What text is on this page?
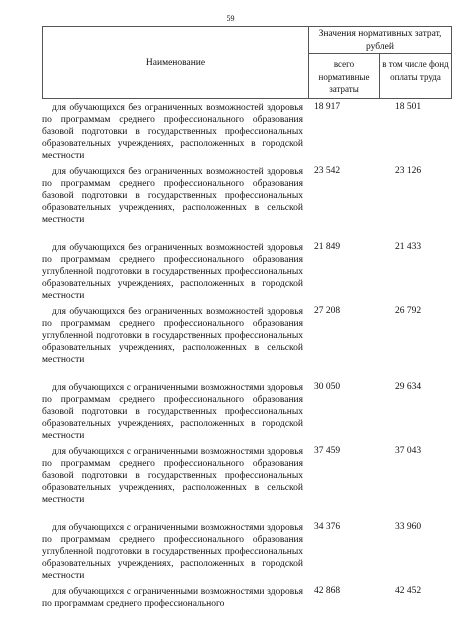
59
Наименование
Значения нормативных затрат, рублей
всего нормативные затраты
в том числе фонд оплаты труда
для обучающихся без ограниченных возможностей здоровья по программам среднего профессионального образования базовой подготовки в государственных профессиональных образовательных учреждениях, расположенных в городской местности
18 917	18 501
для обучающихся без ограниченных возможностей здоровья по программам среднего профессионального образования базовой подготовки в государственных профессиональных образовательных учреждениях, расположенных в сельской местности
23 542	23 126
для обучающихся без ограниченных возможностей здоровья по программам среднего профессионального образования углубленной подготовки в государственных профессиональных образовательных учреждениях, расположенных в городской местности
21 849	21 433
для обучающихся без ограниченных возможностей здоровья по программам среднего профессионального образования углубленной подготовки в государственных профессиональных образовательных учреждениях, расположенных в сельской местности
27 208	26 792
для обучающихся с ограниченными возможностями здоровья по программам среднего профессионального образования базовой подготовки в государственных профессиональных образовательных учреждениях, расположенных в городской местности
30 050	29 634
для обучающихся с ограниченными возможностями здоровья по программам среднего профессионального образования базовой подготовки в государственных профессиональных образовательных учреждениях, расположенных в сельской местности
37 459	37 043
для обучающихся с ограниченными возможностями здоровья по программам среднего профессионального образования углубленной подготовки в государственных профессиональных образовательных учреждениях, расположенных в городской местности
34 376	33 960
для обучающихся с ограниченными возможностями здоровья по программам среднего профессионального
42 868	42 452
